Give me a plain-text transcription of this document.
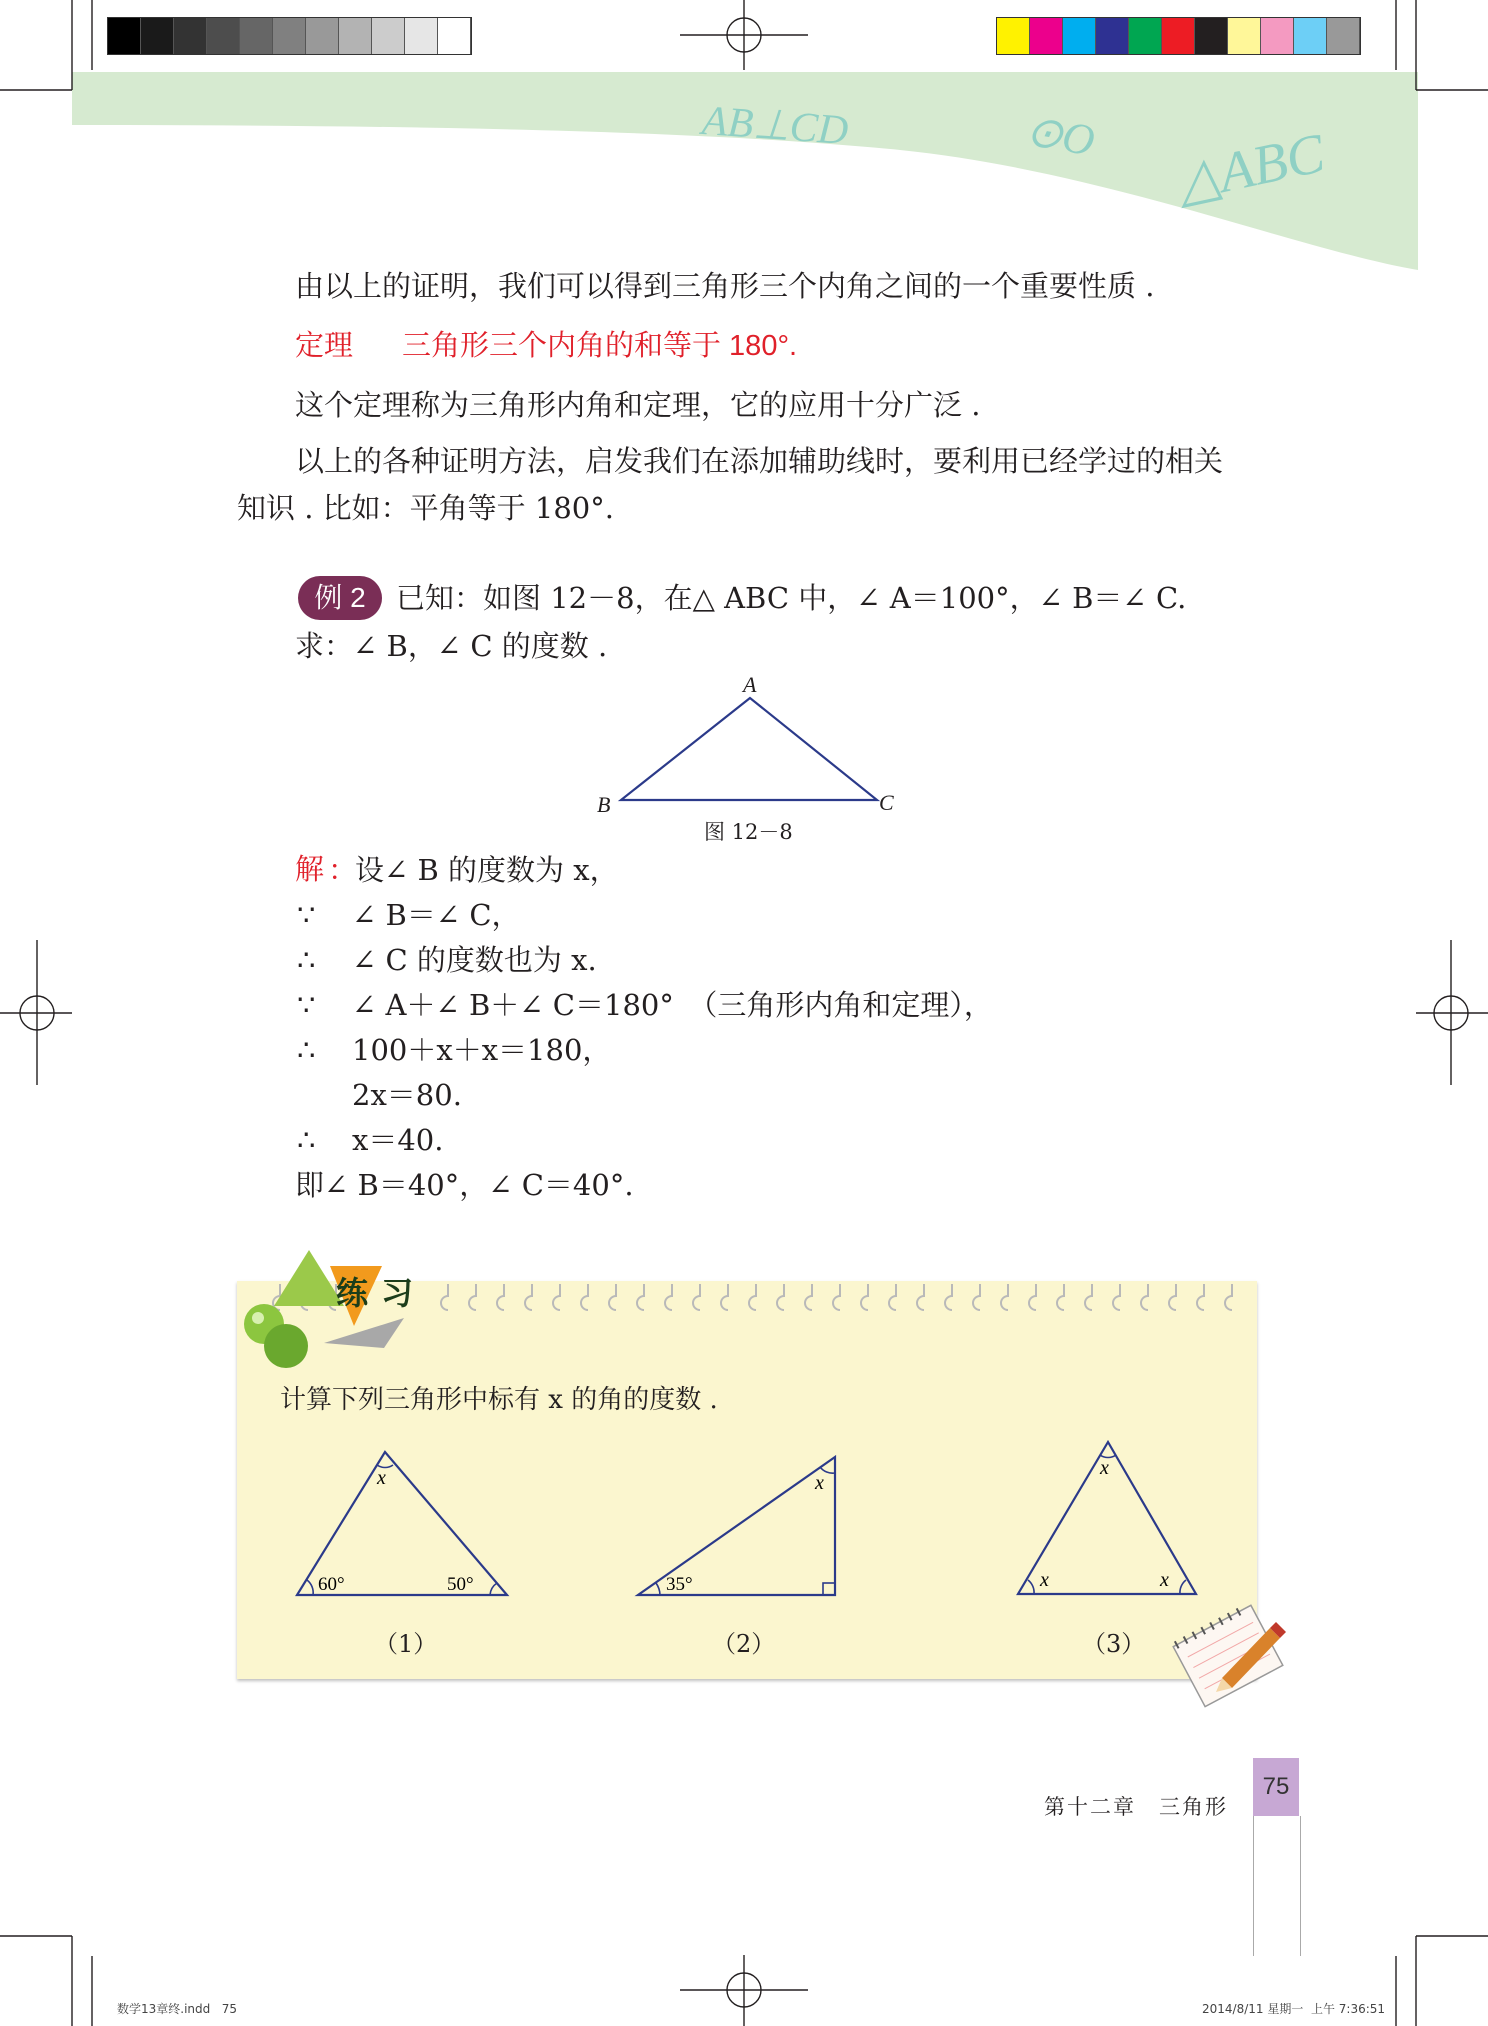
AB⊥CD	⊙O △ABC
由以上的证明，我们可以得到三角形三个内角之间的一个重要性质 .
定理 三角形三个内角的和等于 180°.
这个定理称为三角形内角和定理，它的应用十分广泛 .
以上的各种证明方法，启发我们在添加辅助线时，要利用已经学过的相关
知识 . 比如：平角等于 180°.
例 2	已知：如图 12－8，在△ ABC 中，∠ A＝100°，∠ B＝∠ C.
求：∠ B，∠ C 的度数 .
A
B	C
图 12－8
解 ：
设∠ B 的度数为 x，
∵ ∠ B＝∠ C，
∴ ∠ C 的度数也为 x.
∵ ∠ A＋∠ B＋∠ C＝180°　（三角形内角和定理），
∴ 100＋x＋x＝180，
2x＝80.
∴ x＝40.
即∠ B＝40°，∠ C＝40°.
练 习
计算下列三角形中标有 x 的角的度数 .
x
60°	50°
（1）
x
35°
（2）
x
x	x
（3）
第十二章　三角形
75
数学13章终.indd   75	2014/8/11 星期一  上午 7:36:51
